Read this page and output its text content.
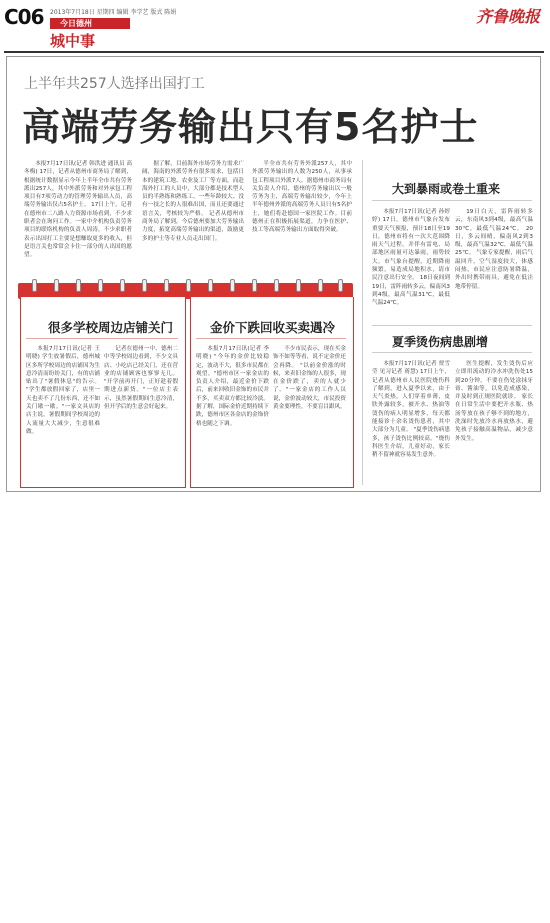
C06 2013年7月18日 星期四 编辑 李学艺 版式 陈娟
今日德州
城中事
齐鲁晚报
上半年共257人选择出国打工
高端劳务输出只有5名护士

本报7月17日讯(记者 韩洪进 通讯员 高冬梅) 17日，记者从德州市商务局了解到，根据统计数据显示今年上半年全市共有劳务派出257人，其中外派劳务和对外承包工程项目有7项劳动力的管理劳务输出人员，高端劳务输出仅占5名护士。 17日上午，记者在德州市二八路人力资源市场看到，不少求职者会在询问工作。一家中介机构负责劳务项目的联络机构的负责人周涛，不少求职者表示出国打工主要是想赚取更多的收入，但是语言关也常常会卡住一部分的人出国的愿望。

据了解，目前海外市场劳务力需求广阔，海南的外派劳务有很多需求，包括日本的建筑工地、农业及工厂等方面，而赴海外打工的人员中，大部分都是技术型人员的半熟练和熟练工。一些年龄较大、没有一技之长的人很难出国，而且还要通过语言关，考核较为严格。 记者从德州市商务局了解到，今后德州要加大劳务输出力度，拓宽高端劳务输出的渠道，鼓励更多的护士等专业人员走出国门。

半全市共有劳务外派257人，其中外派劳务输出的人数为250人，从事承包工程项目外派7人。据德州市商务局有关负责人介绍，德州的劳务输出以一般劳务为主，高端劳务输出较少，今年上半年德州外派的高端劳务人员只有5名护士，她们将赴德国一家医院工作。目前德州正在积极拓展渠道，力争在医护、技工等高端劳务输出方面取得突破。

大到暴雨或卷土重来

本报7月17日讯(记者 孙婷婷) 17日，德州市气象台发布重要天气预报，预计18日至19日，德州市将有一次大范围降雨天气过程，并伴有雷电、局部地区雨量可达暴雨，雨势较大。市气象台提醒，近期降雨频繁，易造成局地积水，请市民注意出行安全。 18日夜间到19日，雷阵雨转多云，偏南风3到4级，最高气温31℃，最低气温24℃。

19日白天，雷阵雨转多云，东南风3到4级，最高气温30℃，最低气温24℃。 20日，多云间晴，偏南风2到3级，最高气温32℃，最低气温25℃。 气象专家提醒，雨后气温回升，空气湿度较大，体感闷热，市民应注意防暑降温，外出时携带雨具，避免在低洼地带停留。

夏季烫伤病患剧增

本报7月17日讯(记者 贾雪莹 见习记者 蒋慧) 17日上午，记者从德州市人民医院烧伤科了解到，进入夏季以来，由于天气炎热，人们穿着单薄，皮肤外露较多，被开水、热油等烫伤的病人明显增多，每天都能接诊十余名烫伤患者，其中大部分为儿童。 "夏季烫伤病患多，孩子烫伤比例较高。"烧伤科医生介绍，儿童好动，家长稍不留神就容易发生意外。

医生提醒，发生烫伤后应立即用流动的冷水冲洗伤处15到20分钟，不要在伤处涂抹牙膏、酱油等，以免造成感染，并及时到正规医院就诊。 家长在日常生活中要把开水瓶、热汤等放在孩子够不到的地方，洗澡时先放冷水再放热水，避免孩子接触高温物品，减少意外发生。

很多学校周边店铺关门

本报7月17日讯(记者 王明晓) 学生放暑假后，德州城区多所学校周边的店铺因为生意冷清而纷纷关门，有的店铺贴出了"暑假休息"的告示。 "学生都放假回家了，店里一天也卖不了几份东西，还不如关门歇一歇。"一家文具店的店主说，暑假期间学校周边的人流量大大减少，生意很难做。

记者在德州一中、德州二中等学校周边看到，不少文具店、小吃店已经关门，还在营业的店铺顾客也寥寥无几。 "开学前再开门，正好趁着假期进点新货。"一位店主表示，虽然暑假期间生意冷清，但开学后的生意会好起来。

金价下跌回收买卖遇冷

本报7月17日讯(记者 李明晓) "今年的金价比较稳定，波动不大，很多市民都在观望。"德州市区一家金店的负责人介绍，最近金价下跌后，前来回收旧金饰的市民并不多，买卖双方都比较冷淡。 据了解，国际金价近期持续下跌，德州市区各金店的金饰价格也随之下调。

不少市民表示，现在买金饰不如等等看，说不定金价还会再降。 "以前金价涨的时候，来卖旧金饰的人很多，现在金价跌了，卖的人就少了。"一家金店的工作人员说，金价波动较大，市民投资黄金要理性，不要盲目跟风。
